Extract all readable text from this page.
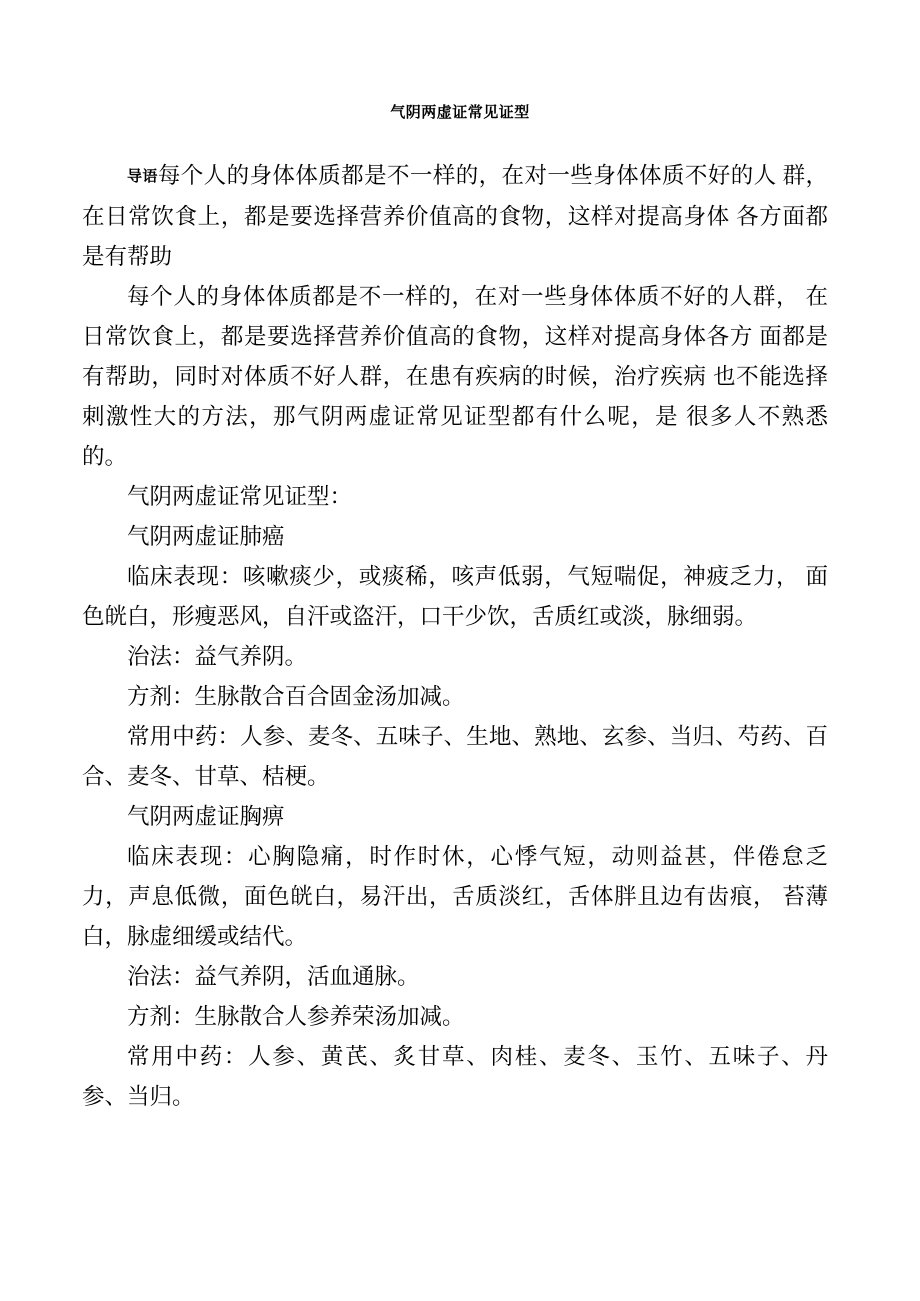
气阴两虚证常见证型

导语每个人的身体体质都是不一样的，在对一些身体体质不好的人 群，在日常饮食上，都是要选择营养价值高的食物，这样对提高身体 各方面都是有帮助

每个人的身体体质都是不一样的，在对一些身体体质不好的人群， 在日常饮食上，都是要选择营养价值高的食物，这样对提高身体各方 面都是有帮助，同时对体质不好人群，在患有疾病的时候，治疗疾病 也不能选择刺激性大的方法，那气阴两虚证常见证型都有什么呢，是 很多人不熟悉的。

气阴两虚证常见证型：

气阴两虚证肺癌

临床表现：咳嗽痰少，或痰稀，咳声低弱，气短喘促，神疲乏力， 面色㿠白，形瘦恶风，自汗或盗汗，口干少饮，舌质红或淡，脉细弱。

治法：益气养阴。

方剂：生脉散合百合固金汤加减。

常用中药：人参、麦冬、五味子、生地、熟地、玄参、当归、芍药、百合、麦冬、甘草、桔梗。

气阴两虚证胸痹

临床表现：心胸隐痛，时作时休，心悸气短，动则益甚，伴倦怠乏 力，声息低微，面色㿠白，易汗出，舌质淡红，舌体胖且边有齿痕， 苔薄白，脉虚细缓或结代。

治法：益气养阴，活血通脉。

方剂：生脉散合人参养荣汤加减。

常用中药：人参、黄芪、炙甘草、肉桂、麦冬、玉竹、五味子、丹 参、当归。
